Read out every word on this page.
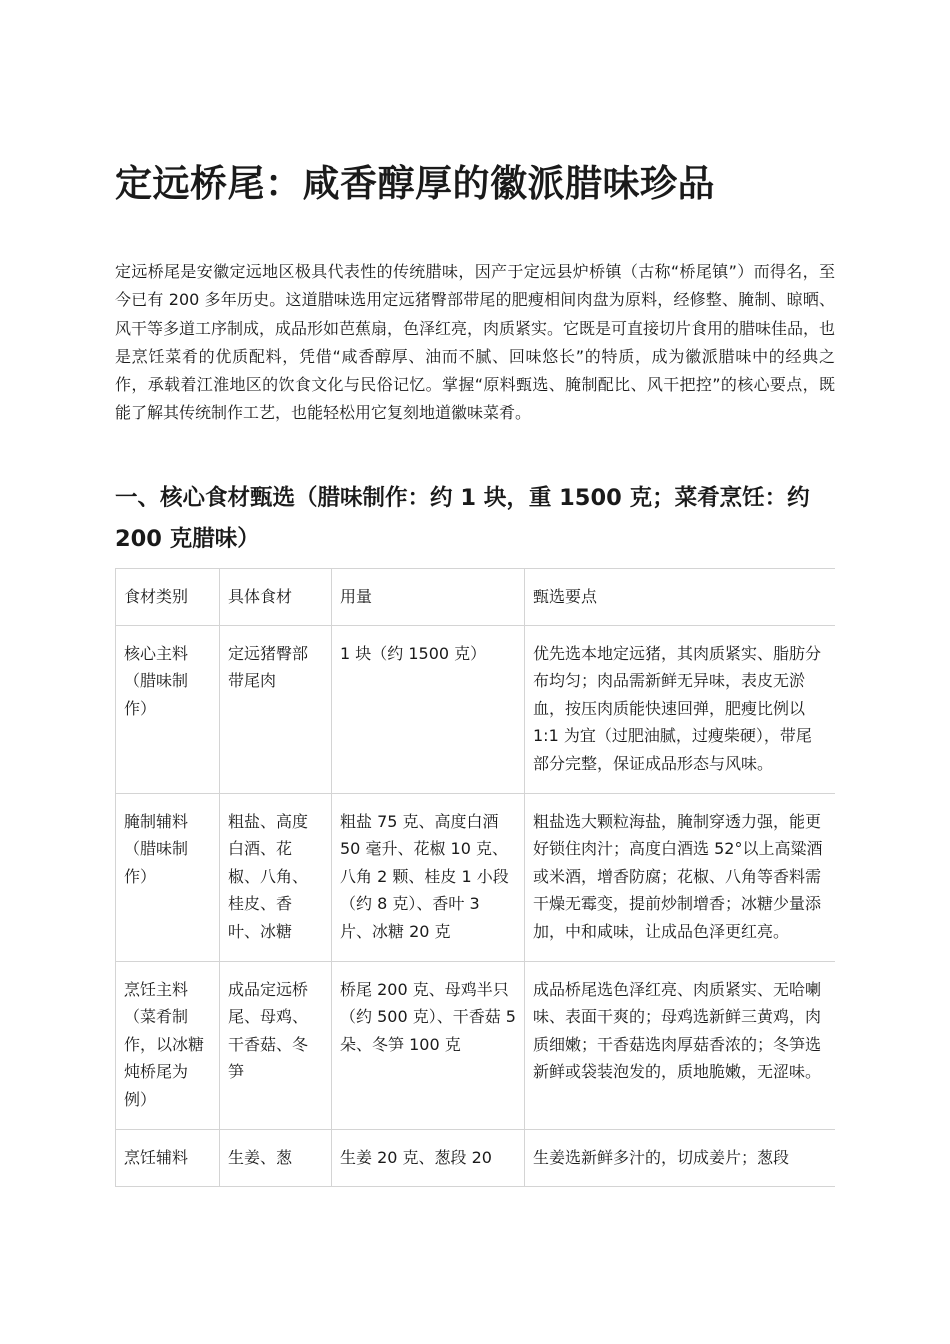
定远桥尾：咸香醇厚的徽派腊味珍品

定远桥尾是安徽定远地区极具代表性的传统腊味，因产于定远县炉桥镇（古称“桥尾镇”）而得名，至今已有 200 多年历史。这道腊味选用定远猪臀部带尾的肥瘦相间肉盘为原料，经修整、腌制、晾晒、风干等多道工序制成，成品形如芭蕉扇，色泽红亮，肉质紧实。它既是可直接切片食用的腊味佳品，也是烹饪菜肴的优质配料，凭借“咸香醇厚、油而不腻、回味悠长”的特质，成为徽派腊味中的经典之作，承载着江淮地区的饮食文化与民俗记忆。掌握“原料甄选、腌制配比、风干把控”的核心要点，既能了解其传统制作工艺，也能轻松用它复刻地道徽味菜肴。

一、核心食材甄选（腊味制作：约 1 块，重 1500 克；菜肴烹饪：约 200 克腊味）
食材类别	具体食材	用量	甄选要点
核心主料（腊味制作）	定远猪臀部带尾肉	1 块（约 1500 克）	优先选本地定远猪，其肉质紧实、脂肪分布均匀；肉品需新鲜无异味，表皮无淤血，按压肉质能快速回弹，肥瘦比例以 1:1 为宜（过肥油腻，过瘦柴硬），带尾部分完整，保证成品形态与风味。
腌制辅料（腊味制作）	粗盐、高度白酒、花椒、八角、桂皮、香叶、冰糖	粗盐 75 克、高度白酒 50 毫升、花椒 10 克、八角 2 颗、桂皮 1 小段（约 8 克）、香叶 3 片、冰糖 20 克	粗盐选大颗粒海盐，腌制穿透力强，能更好锁住肉汁；高度白酒选 52°以上高粱酒或米酒，增香防腐；花椒、八角等香料需干燥无霉变，提前炒制增香；冰糖少量添加，中和咸味，让成品色泽更红亮。
烹饪主料（菜肴制作，以冰糖炖桥尾为例）	成品定远桥尾、母鸡、干香菇、冬笋	桥尾 200 克、母鸡半只（约 500 克）、干香菇 5 朵、冬笋 100 克	成品桥尾选色泽红亮、肉质紧实、无哈喇味、表面干爽的；母鸡选新鲜三黄鸡，肉质细嫩；干香菇选肉厚菇香浓的；冬笋选新鲜或袋装泡发的，质地脆嫩，无涩味。
烹饪辅料	生姜、葱	生姜 20 克、葱段 20	生姜选新鲜多汁的，切成姜片；葱段
